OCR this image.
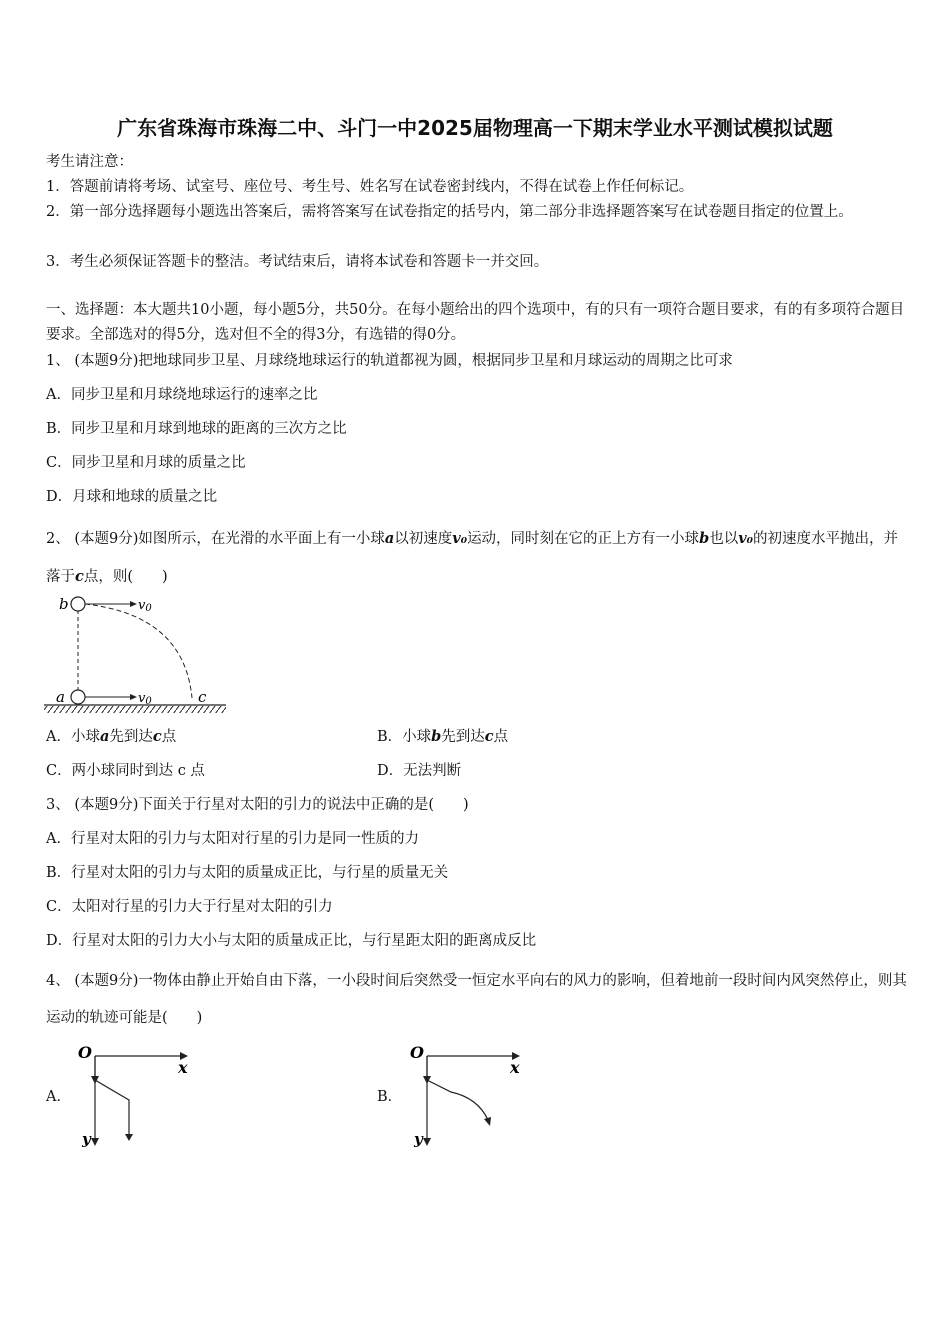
广东省珠海市珠海二中、斗门一中2025届物理高一下期末学业水平测试模拟试题
考生请注意：
1．答题前请将考场、试室号、座位号、考生号、姓名写在试卷密封线内，不得在试卷上作任何标记。
2．第一部分选择题每小题选出答案后，需将答案写在试卷指定的括号内，第二部分非选择题答案写在试卷题目指定的位置上。
3．考生必须保证答题卡的整洁。考试结束后，请将本试卷和答题卡一并交回。
一、选择题：本大题共10小题，每小题5分，共50分。在每小题给出的四个选项中，有的只有一项符合题目要求，有的有多项符合题目要求。全部选对的得5分，选对但不全的得3分，有选错的得0分。
1、 (本题9分)把地球同步卫星、月球绕地球运行的轨道都视为圆，根据同步卫星和月球运动的周期之比可求
A．同步卫星和月球绕地球运行的速率之比
B．同步卫星和月球到地球的距离的三次方之比
C．同步卫星和月球的质量之比
D．月球和地球的质量之比
2、 (本题9分)如图所示，在光滑的水平面上有一小球a以初速度v₀运动，同时刻在它的正上方有一小球b也以v₀的初速度水平抛出，并落于c点，则(　　)
b
a	c
v0
v0
A．小球a先到达c点	B．小球b先到达c点
C．两小球同时到达 c 点	D．无法判断
3、 (本题9分)下面关于行星对太阳的引力的说法中正确的是(　　)
A．行星对太阳的引力与太阳对行星的引力是同一性质的力
B．行星对太阳的引力与太阳的质量成正比，与行星的质量无关
C．太阳对行星的引力大于行星对太阳的引力
D．行星对太阳的引力大小与太阳的质量成正比，与行星距太阳的距离成反比
4、 (本题9分)一物体由静止开始自由下落，一小段时间后突然受一恒定水平向右的风力的影响，但着地前一段时间内风突然停止，则其运动的轨迹可能是(　　)
A．
O
x
y
B．
O
x
y
